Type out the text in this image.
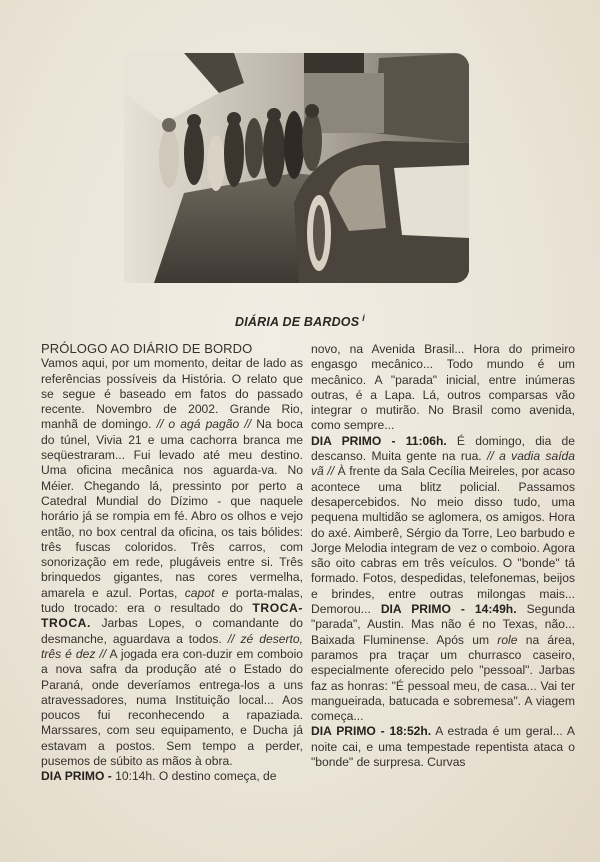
DIÁRIA DE BARDOS $^i$

PRÓLOGO AO DIÁRIO DE BORDO

Vamos aqui, por um momento, deitar de lado as referências possíveis da História. O relato que se segue é baseado em fatos do passado recente. Novembro de 2002. Grande Rio, manhã de domingo. // o agá pagão // Na boca do túnel, Vivia 21 e uma cachorra branca me seqüestraram... Fui levado até meu destino. Uma oficina mecânica nos aguarda-va. No Méier. Chegando lá, pressinto por perto a Catedral Mundial do Dízimo - que naquele horário já se rompia em fé. Abro os olhos e vejo então, no box central da oficina, os tais bólides: três fuscas coloridos. Três carros, com sonorização em rede, plugáveis entre si. Três brinquedos gigantes, nas cores vermelha, amarela e azul. Portas, capot e porta-malas, tudo trocado: era o resultado do TROCA-TROCA. Jarbas Lopes, o comandante do desmanche, aguardava a todos. // zé deserto, três é dez // A jogada era con-duzir em comboio a nova safra da produção até o Estado do Paraná, onde deveríamos entrega-los a uns atravessadores, numa Instituição local... Aos poucos fui reconhecendo a rapaziada. Marssares, com seu equipamento, e Ducha já estavam a postos. Sem tempo a perder, pusemos de súbito as mãos à obra.

DIA PRIMO - 10:14h. O destino começa, de

novo, na Avenida Brasil... Hora do primeiro engasgo mecânico... Todo mundo é um mecânico. A "parada" inicial, entre inúmeras outras, é a Lapa. Lá, outros comparsas vão integrar o mutirão. No Brasil como avenida, como sempre...

DIA PRIMO - 11:06h. É domingo, dia de descanso. Muita gente na rua. // a vadia saída vã // À frente da Sala Cecília Meireles, por acaso acontece uma blitz policial. Passamos desapercebidos. No meio disso tudo, uma pequena multidão se aglomera, os amigos. Hora do axé. Aimberê, Sérgio da Torre, Leo barbudo e Jorge Melodia integram de vez o comboio. Agora são oito cabras em três veículos. O "bonde" tá formado. Fotos, despedidas, telefonemas, beijos e brindes, entre outras milongas mais... Demorou... DIA PRIMO - 14:49h. Segunda "parada", Austin. Mas não é no Texas, não... Baixada Fluminense. Após um role na área, paramos pra traçar um churrasco caseiro, especialmente oferecido pelo "pessoal". Jarbas faz as honras: "É pessoal meu, de casa... Vai ter mangueirada, batucada e sobremesa". A viagem começa...

DIA PRIMO - 18:52h. A estrada é um geral... A noite cai, e uma tempestade repentista ataca o "bonde" de surpresa. Curvas
